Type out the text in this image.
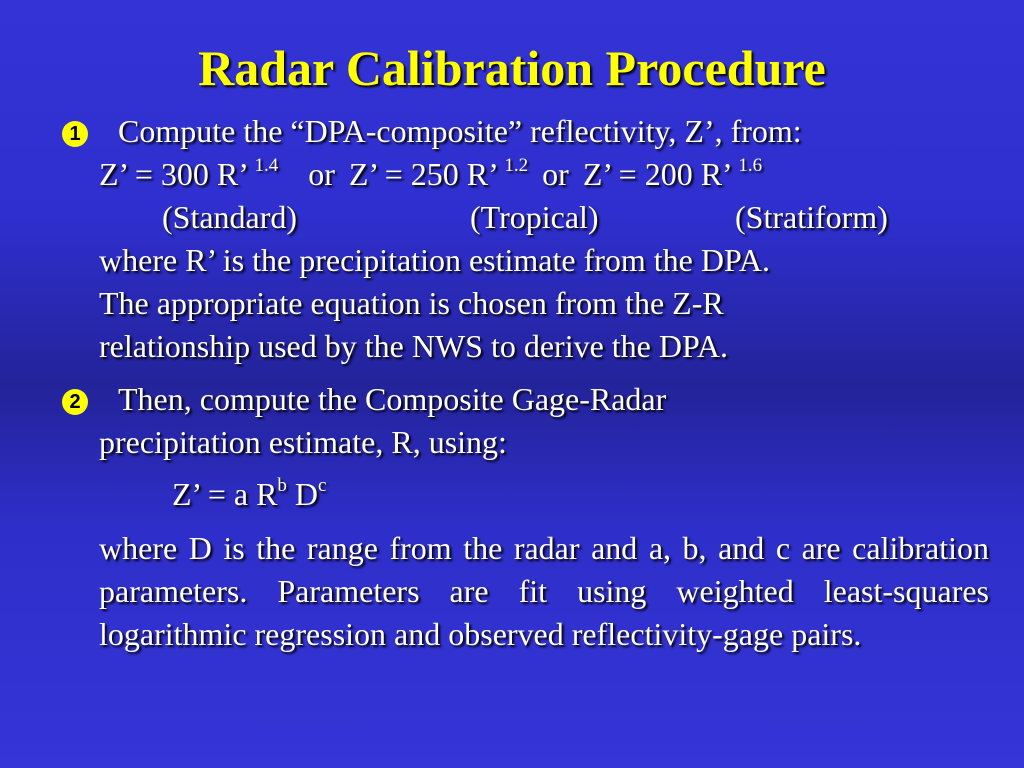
Radar Calibration Procedure
1 Compute the “DPA-composite” reflectivity, Z’, from:
Z’ = 300 R’ $^{1.4}$ or Z’ = 250 R’ $^{1.2}$ or Z’ = 200 R’ $^{1.6}$
(Standard)	(Tropical)	(Stratiform)
where R’ is the precipitation estimate from the DPA.
The appropriate equation is chosen from the Z-R
relationship used by the NWS to derive the DPA.
2 Then, compute the Composite Gage-Radar
precipitation estimate, R, using:
Z’ = a $R^b$ $D^c$
where D is the range from the radar and a, b, and c are calibration parameters. Parameters are fit using weighted least-squares logarithmic regression and observed reflectivity-gage pairs.
